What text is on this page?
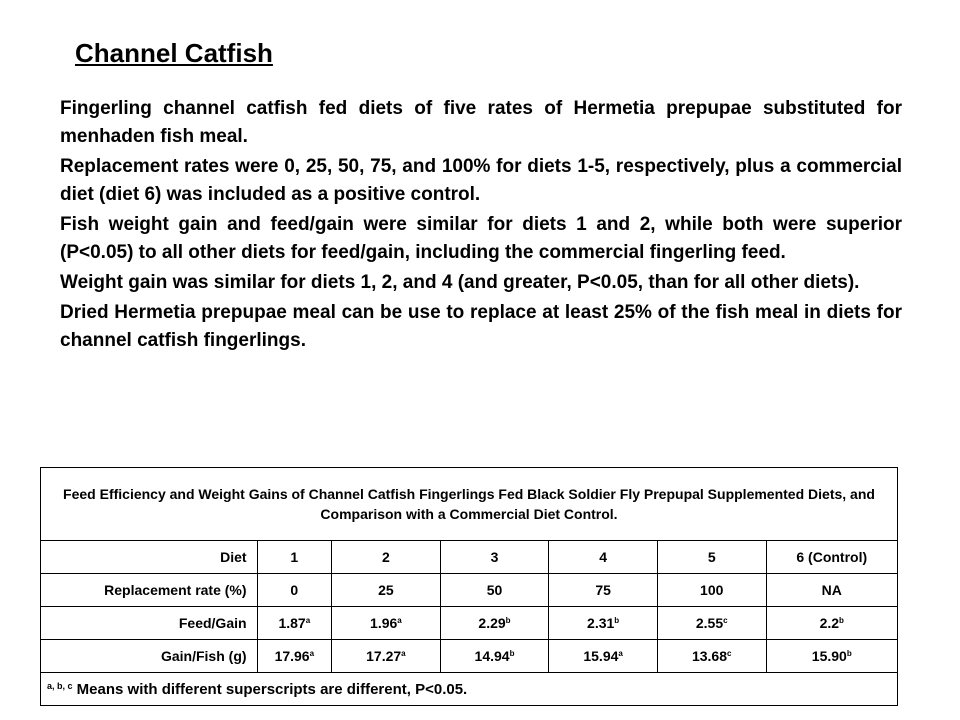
Channel Catfish

Fingerling channel catfish fed diets of five rates of Hermetia prepupae substituted for menhaden fish meal.

Replacement rates were 0, 25, 50, 75, and 100% for diets 1-5, respectively, plus a commercial diet (diet 6) was included as a positive control.

Fish weight gain and feed/gain were similar for diets 1 and 2, while both were superior (P<0.05) to all other diets for feed/gain, including the commercial fingerling feed.

Weight gain was similar for diets 1, 2, and 4 (and greater, P<0.05, than for all other diets).

Dried Hermetia prepupae meal can be use to replace at least 25% of the fish meal in diets for channel catfish fingerlings.

Feed Efficiency and Weight Gains of Channel Catfish Fingerlings Fed Black Soldier Fly Prepupal Supplemented Diets, and Comparison with a Commercial Diet Control.						
Diet	1	2	3	4	5	6 (Control)
Replacement rate (%)	0	25	50	75	100	NA
Feed/Gain	1.87$^a$	1.96$^a$	2.29$^b$	2.31$^b$	2.55$^c$	2.2$^b$
Gain/Fish (g)	17.96$^a$	17.27$^a$	14.94$^b$	15.94$^a$	13.68$^c$	15.90$^b$
$^{a, b, c}$ Means with different superscripts are different, P<0.05.						
